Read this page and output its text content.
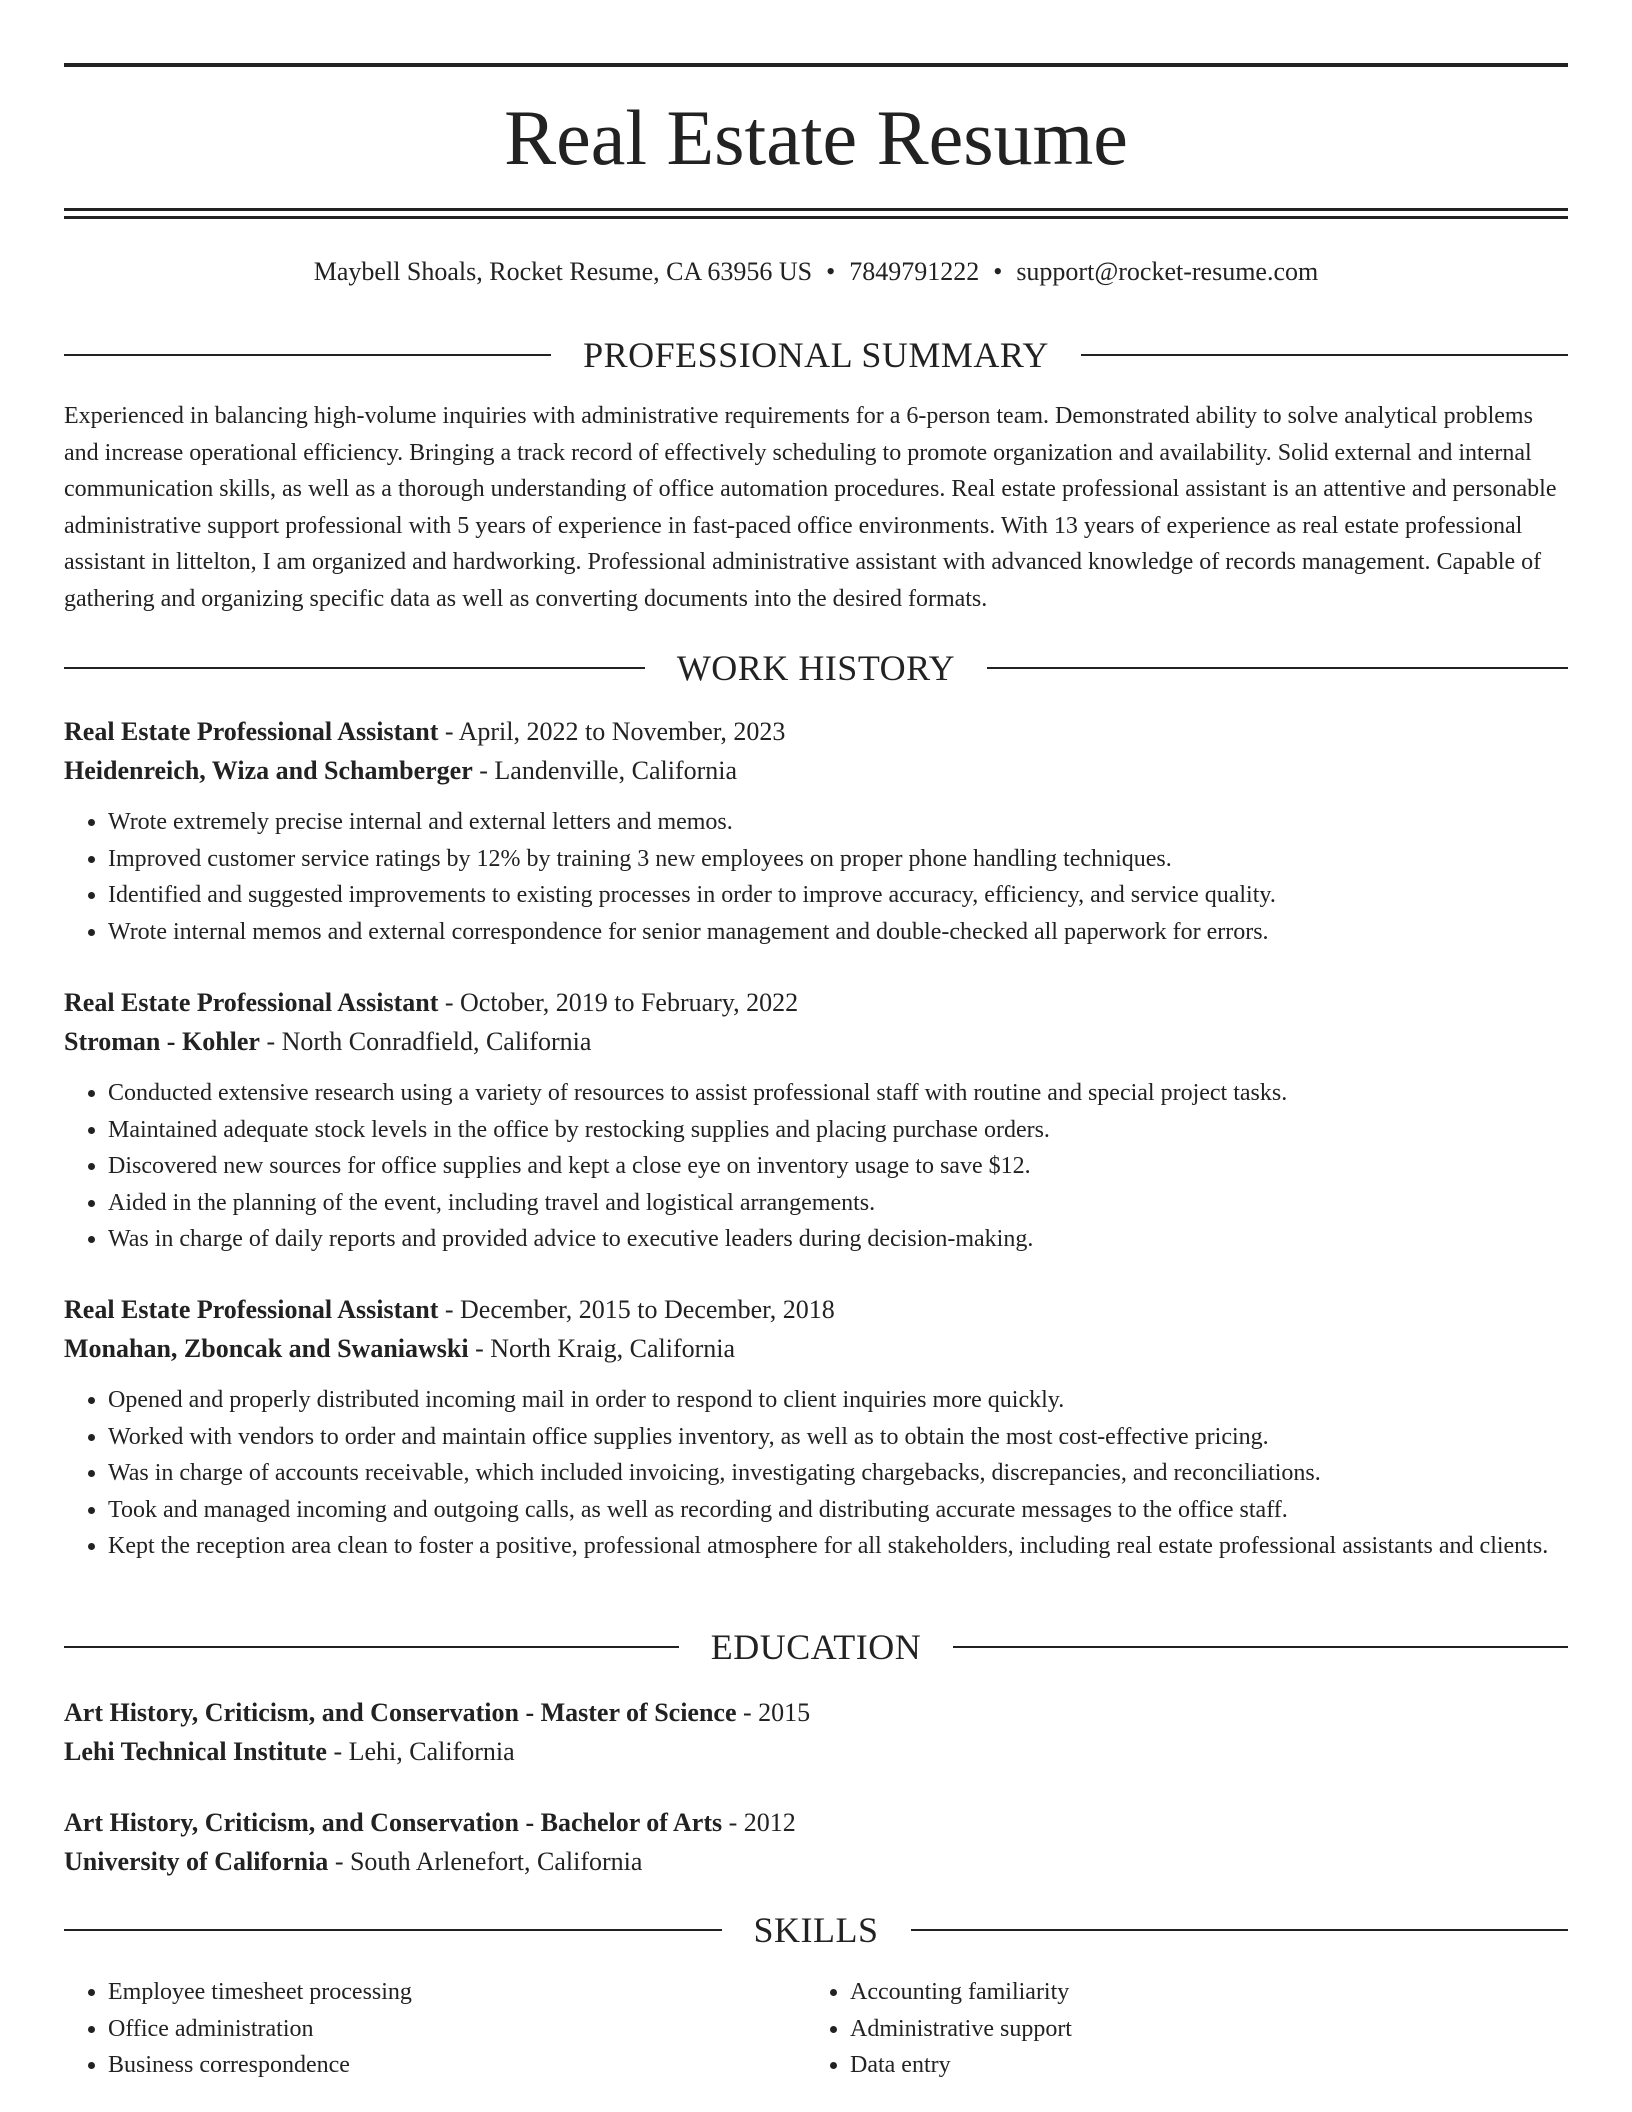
Real Estate Resume
Maybell Shoals, Rocket Resume, CA 63956 US • 7849791222 • support@rocket-resume.com
PROFESSIONAL SUMMARY

Experienced in balancing high-volume inquiries with administrative requirements for a 6-person team. Demonstrated ability to solve analytical problems and increase operational efficiency. Bringing a track record of effectively scheduling to promote organization and availability. Solid external and internal communication skills, as well as a thorough understanding of office automation procedures. Real estate professional assistant is an attentive and personable administrative support professional with 5 years of experience in fast-paced office environments. With 13 years of experience as real estate professional assistant in littelton, I am organized and hardworking. Professional administrative assistant with advanced knowledge of records management. Capable of gathering and organizing specific data as well as converting documents into the desired formats.

WORK HISTORY
Real Estate Professional Assistant - April, 2022 to November, 2023
Heidenreich, Wiza and Schamberger - Landenville, California
• Wrote extremely precise internal and external letters and memos.
• Improved customer service ratings by 12% by training 3 new employees on proper phone handling techniques.
• Identified and suggested improvements to existing processes in order to improve accuracy, efficiency, and service quality.
• Wrote internal memos and external correspondence for senior management and double-checked all paperwork for errors.
Real Estate Professional Assistant - October, 2019 to February, 2022
Stroman - Kohler - North Conradfield, California
• Conducted extensive research using a variety of resources to assist professional staff with routine and special project tasks.
• Maintained adequate stock levels in the office by restocking supplies and placing purchase orders.
• Discovered new sources for office supplies and kept a close eye on inventory usage to save $12.
• Aided in the planning of the event, including travel and logistical arrangements.
• Was in charge of daily reports and provided advice to executive leaders during decision-making.
Real Estate Professional Assistant - December, 2015 to December, 2018
Monahan, Zboncak and Swaniawski - North Kraig, California
• Opened and properly distributed incoming mail in order to respond to client inquiries more quickly.
• Worked with vendors to order and maintain office supplies inventory, as well as to obtain the most cost-effective pricing.
• Was in charge of accounts receivable, which included invoicing, investigating chargebacks, discrepancies, and reconciliations.
• Took and managed incoming and outgoing calls, as well as recording and distributing accurate messages to the office staff.
• Kept the reception area clean to foster a positive, professional atmosphere for all stakeholders, including real estate professional assistants and clients.
EDUCATION
Art History, Criticism, and Conservation - Master of Science - 2015
Lehi Technical Institute - Lehi, California
Art History, Criticism, and Conservation - Bachelor of Arts - 2012
University of California - South Arlenefort, California
SKILLS
• Employee timesheet processing
• Office administration
• Business correspondence
• Accounting familiarity
• Administrative support
• Data entry
